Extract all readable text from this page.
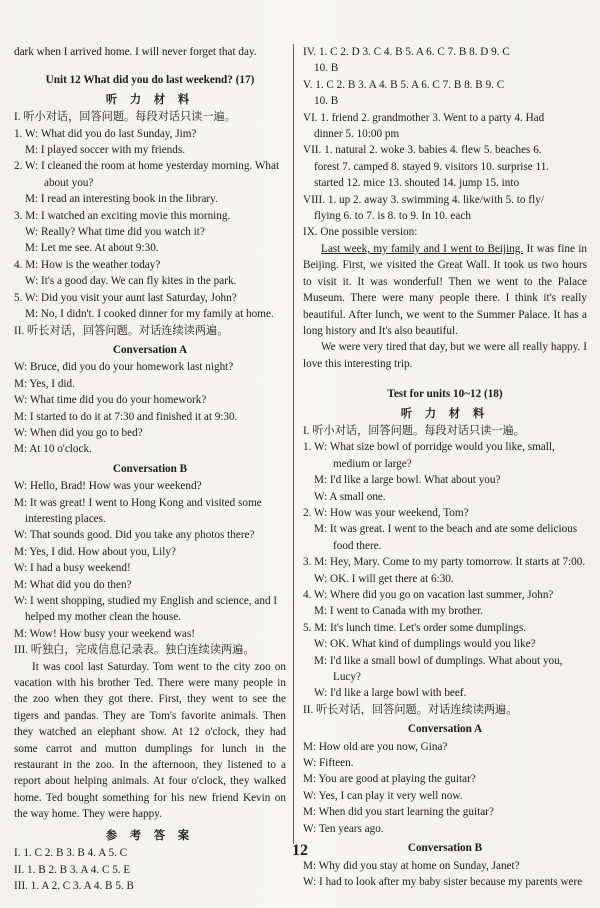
dark when I arrived home. I will never forget that day.
Unit 12 What did you do last weekend? (17)
听 力 材 料
I. 听小对话，回答问题。每段对话只读一遍。
1. W: What did you do last Sunday, Jim?
M: I played soccer with my friends.
2. W: I cleaned the room at home yesterday morning. What
about you?
M: I read an interesting book in the library.
3. M: I watched an exciting movie this morning.
W: Really? What time did you watch it?
M: Let me see. At about 9:30.
4. M: How is the weather today?
W: It's a good day. We can fly kites in the park.
5. W: Did you visit your aunt last Saturday, John?
M: No, I didn't. I cooked dinner for my family at home.
II. 听长对话，回答问题。对话连续读两遍。
Conversation A
W: Bruce, did you do your homework last night?
M: Yes, I did.
W: What time did you do your homework?
M: I started to do it at 7:30 and finished it at 9:30.
W: When did you go to bed?
M: At 10 o'clock.
Conversation B
W: Hello, Brad! How was your weekend?
M: It was great! I went to Hong Kong and visited some
interesting places.
W: That sounds good. Did you take any photos there?
M: Yes, I did. How about you, Lily?
W: I had a busy weekend!
M: What did you do then?
W: I went shopping, studied my English and science, and I
helped my mother clean the house.
M: Wow! How busy your weekend was!
III. 听独白，完成信息记录表。独白连续读两遍。
It was cool last Saturday. Tom went to the city zoo on vacation with his brother Ted. There were many people in the zoo when they got there. First, they went to see the tigers and pandas. They are Tom's favorite animals. Then they watched an elephant show. At 12 o'clock, they had some carrot and mutton dumplings for lunch in the restaurant in the zoo. In the afternoon, they listened to a report about helping animals. At four o'clock, they walked home. Ted bought something for his new friend Kevin on the way home. They were happy.
参 考 答 案
I. 1. C 2. B 3. B 4. A 5. C
II. 1. B 2. B 3. A 4. C 5. E
III. 1. A 2. C 3. A 4. B 5. B
IV. 1. C 2. D 3. C 4. B 5. A 6. C 7. B 8. D 9. C
10. B
V. 1. C 2. B 3. A 4. B 5. A 6. C 7. B 8. B 9. C
10. B
VI. 1. friend 2. grandmother 3. Went to a party 4. Had
dinner 5. 10:00 pm
VII. 1. natural 2. woke 3. babies 4. flew 5. beaches 6.
forest 7. camped 8. stayed 9. visitors 10. surprise 11.
started 12. mice 13. shouted 14. jump 15. into
VIII. 1. up 2. away 3. swimming 4. like/with 5. to fly/
flying 6. to 7. is 8. to 9. In 10. each
IX. One possible version:
Last week, my family and I went to Beijing. It was fine in Beijing. First, we visited the Great Wall. It took us two hours to visit it. It was wonderful! Then we went to the Palace Museum. There were many people there. I think it's really beautiful. After lunch, we went to the Summer Palace. It has a long history and It's also beautiful.
We were very tired that day, but we were all really happy. I love this interesting trip.
Test for units 10~12 (18)
听 力 材 料
I. 听小对话，回答问题。每段对话只读一遍。
1. W: What size bowl of porridge would you like, small,
medium or large?
M: I'd like a large bowl. What about you?
W: A small one.
2. W: How was your weekend, Tom?
M: It was great. I went to the beach and ate some delicious
food there.
3. M: Hey, Mary. Come to my party tomorrow. It starts at 7:00.
W: OK. I will get there at 6:30.
4. W: Where did you go on vacation last summer, John?
M: I went to Canada with my brother.
5. M: It's lunch time. Let's order some dumplings.
W: OK. What kind of dumplings would you like?
M: I'd like a small bowl of dumplings. What about you,
Lucy?
W: I'd like a large bowl with beef.
II. 听长对话，回答问题。对话连续读两遍。
Conversation A
M: How old are you now, Gina?
W: Fifteen.
M: You are good at playing the guitar?
W: Yes, I can play it very well now.
M: When did you start learning the guitar?
W: Ten years ago.
Conversation B
M: Why did you stay at home on Sunday, Janet?
W: I had to look after my baby sister because my parents were
12
